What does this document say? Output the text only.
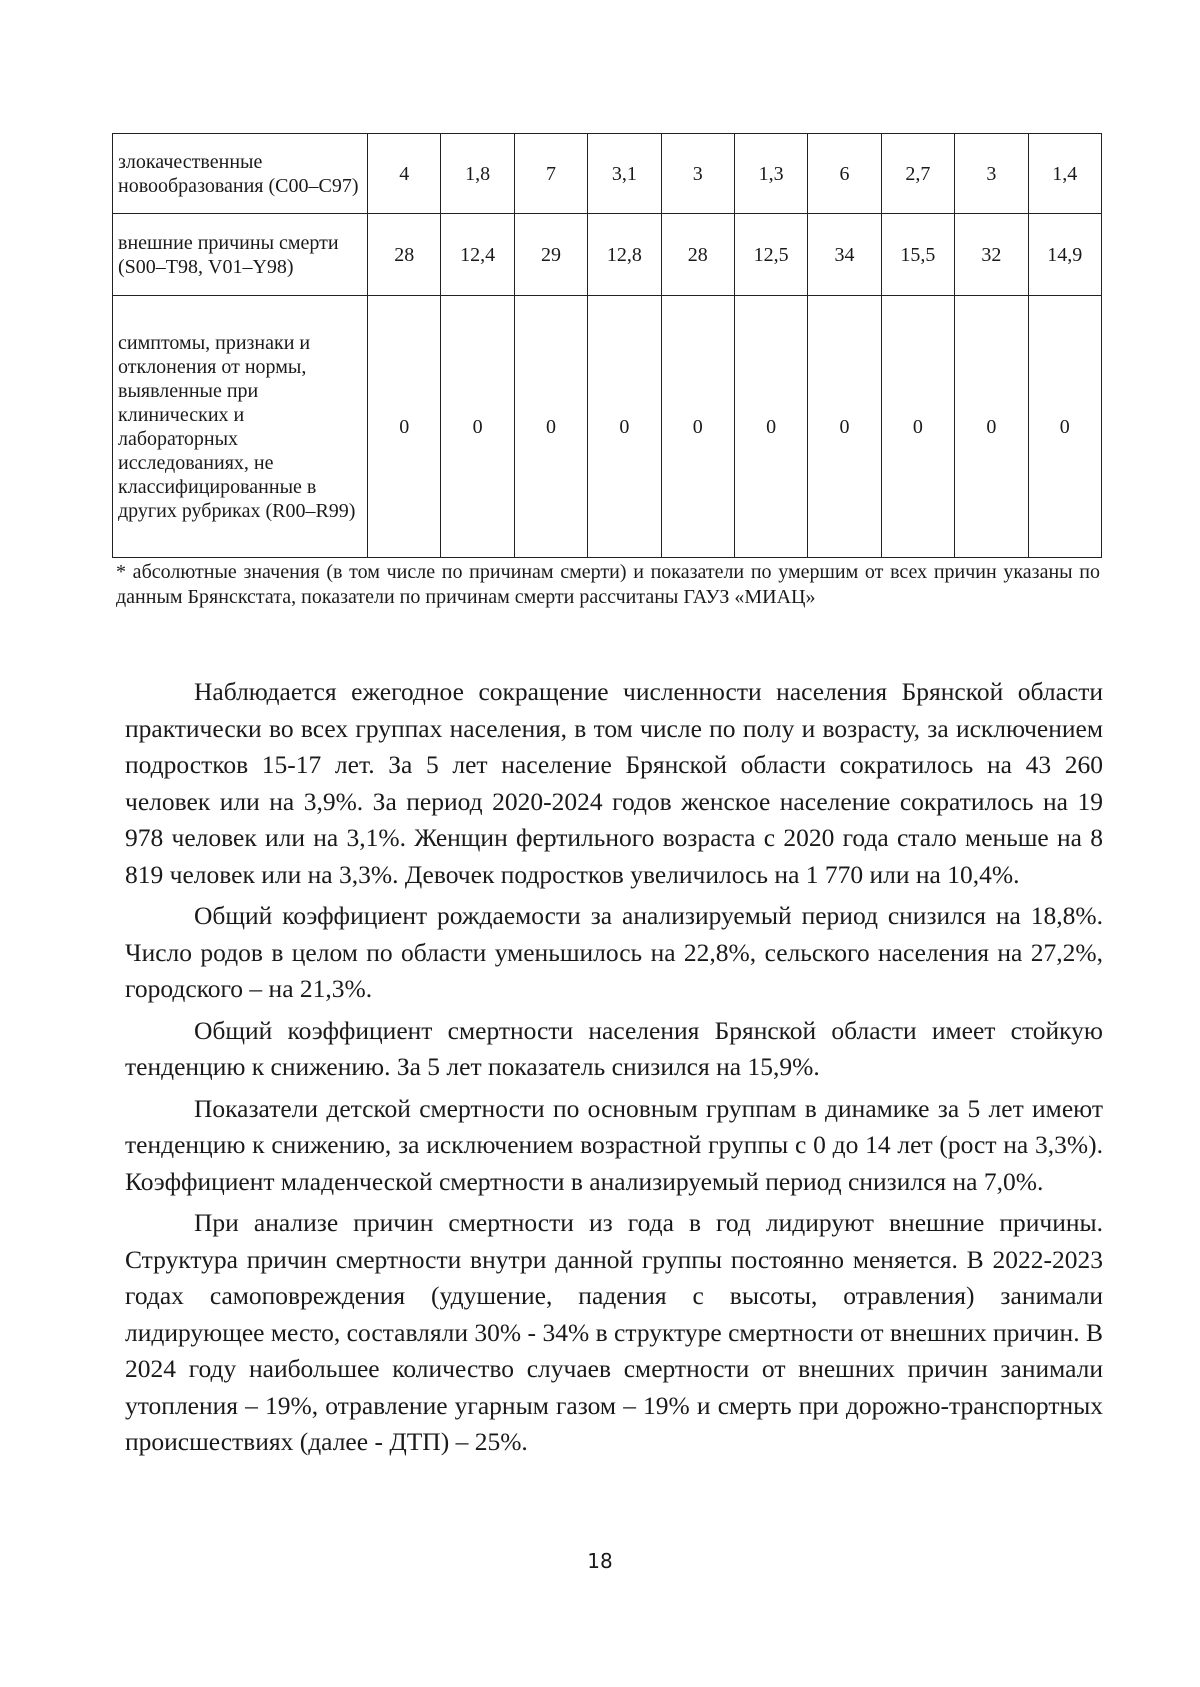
злокачественные новообразования (С00–С97)	4	1,8	7	3,1	3	1,3	6	2,7	3	1,4
внешние причины смерти (S00–Т98, V01–Y98)	28	12,4	29	12,8	28	12,5	34	15,5	32	14,9
симптомы, признаки и отклонения от нормы, выявленные при клинических и лабораторных исследованиях, не классифицированные в других рубриках (R00–R99)	0	0	0	0	0	0	0	0	0	0
* абсолютные значения (в том числе по причинам смерти) и показатели по умершим от всех причин указаны по данным Брянскстата, показатели по причинам смерти рассчитаны ГАУЗ «МИАЦ»

Наблюдается ежегодное сокращение численности населения Брянской области практически во всех группах населения, в том числе по полу и возрасту, за исключением подростков 15-17 лет. За 5 лет население Брянской области сократилось на 43 260 человек или на 3,9%. За период 2020-2024 годов женское население сократилось на 19 978 человек или на 3,1%. Женщин фертильного возраста с 2020 года стало меньше на 8 819 человек или на 3,3%. Девочек подростков увеличилось на 1 770 или на 10,4%.

Общий коэффициент рождаемости за анализируемый период снизился на 18,8%. Число родов в целом по области уменьшилось на 22,8%, сельского населения на 27,2%, городского – на 21,3%.

Общий коэффициент смертности населения Брянской области имеет стойкую тенденцию к снижению. За 5 лет показатель снизился на 15,9%.

Показатели детской смертности по основным группам в динамике за 5 лет имеют тенденцию к снижению, за исключением возрастной группы с 0 до 14 лет (рост на 3,3%). Коэффициент младенческой смертности в анализируемый период снизился на 7,0%.

При анализе причин смертности из года в год лидируют внешние причины. Структура причин смертности внутри данной группы постоянно меняется. В 2022-2023 годах самоповреждения (удушение, падения с высоты, отравления) занимали лидирующее место, составляли 30% - 34% в структуре смертности от внешних причин. В 2024 году наибольшее количество случаев смертности от внешних причин занимали утопления – 19%, отравление угарным газом – 19% и смерть при дорожно-транспортных происшествиях (далее - ДТП) – 25%.

18
